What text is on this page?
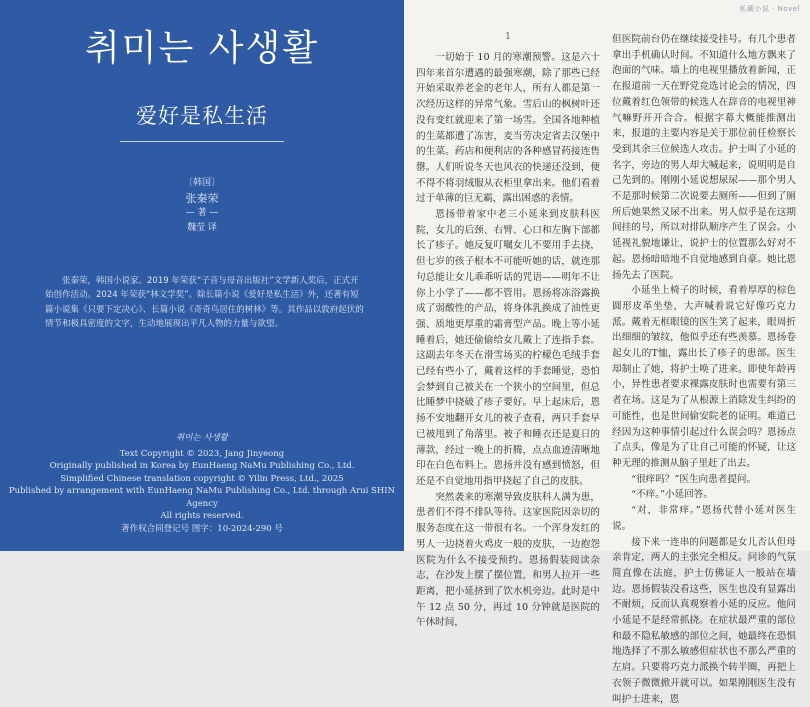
취미는 사생활
爱好是私生活
〔韩国〕
张秦荣
— 著 —
魏莹 译

张秦荣，韩国小说家。2019 年荣获“子音与母音出版社”文学新人奖后，正式开始创作活动。2024 年荣获“林文学奖”。除长篇小说《爱好是私生活》外，还著有短篇小说集《只要下定决心》、长篇小说《奇奇鸟居住的树林》等。其作品以敦府起伏的情节和极具密度的文字，生动地展现出平凡人物的力量与欲望。

취미는 사생활
Text Copyright © 2023, Jang Jinyeong
Originally published in Korea by EunHaeng NaMu Publishing Co., Ltd.
Simplified Chinese translation copyright © Yilin Press, Ltd., 2025
Published by arrangement with EunHaeng NaMu Publishing Co., Ltd. through Arui SHIN Agency
All rights reserved.
著作权合同登记号 图字：10-2024-290 号
私藏小说 · Novel
1

一切始于 10 月的寒潮预警。这是六十四年来首尔遭遇的最强寒潮，除了那些已经开始采取养老金的老年人，所有人都是第一次经历这样的异常气象。雪后山的枫树叶还没有变红就迎来了第一场雪。全国各地种植的生菜都遭了冻害，麦当劳决定省去汉堡中的生菜。药店和便利店的各种感冒药接连售罄。人们听说冬天也风衣的快递还没到，便不得不将羽绒服从衣柜里拿出来。他们看着过于单薄的巨无霸，露出困惑的表情。

恩扬带着家中老三小延来到皮肤科医院，女儿的后颈、右臂、心口和左胸下部都长了疹子。她反复叮嘱女儿不要用手去挠，但七岁的孩子根本不可能听她的话，就连那句总能让女儿乖乖听话的咒语——明年不让你上小学了——都不管用。恩扬将冻浴露换成了弱酸性的产品，将身体乳换成了油性更强、质地更厚重的霜膏型产品。晚上等小延睡着后，她还偷偷给女儿戴上了连指手套。这副去年冬天在滑雪场买的柠檬色毛绒手套已经有些小了，戴着这样的手套睡觉，恐怕会梦到自己被关在一个狭小的空间里，但总比睡梦中挠破了疹子要好。早上起床后，恩扬不安地翻开女儿的被子查看，两只手套早已被甩到了角落里。被子和睡衣还是夏日的薄款，经过一晚上的折腾，点点血迹清晰地印在白色布料上。恩扬并没有感到愤怒，但还是不自觉地用指甲挠起了自己的皮肤。

突然袭来的寒潮导致皮肤科人满为患，患者们不得不排队等待。这家医院因亲切的服务态度在这一带很有名。一个浑身发红的男人一边挠着火鸡皮一般的皮肤，一边抱怨医院为什么不接受预约。恩扬假装阅读杂志，在沙发上摆了摆位置，和男人拉开一些距离，把小延挤到了饮水机旁边。此时是中午 12 点 50 分，再过 10 分钟就是医院的午休时间，

但医院前台仍在继续接受挂号。有几个患者拿出手机确认时间。不知道什么地方飘来了泡面的气味。墙上的电视里播放着新闻，正在报道前一天在野党竞选讨论会的情况，四位戴着红色领带的候选人在辞音的电视里神气嘛野开开合合。根据字幕大概能推测出来，报道的主要内容是关于那位前任检察长受到其余三位候选人攻击。护士叫了小延的名字，旁边的男人却大喊起来，说明明是自己先到的。刚刚小延说想尿尿——那个男人不是那时候第二次说要去厕所——但到了厕所后她果然又尿不出来。男人似乎是在这期间挂的号，所以对排队顺序产生了误会。小延视礼貌地谦让，说护士的位置那么好对不起。恩扬暗暗地不自觉地感到自豪。她比恩扬先去了医院。

小延坐上椅子的时候，看着厚厚的棕色圆形皮革坐垫，大声喊着说它好像巧克力派。戴着无框眼镜的医生笑了起来，眼周折出细细的皱纹，他似乎还有些羡慕。恩扬卷起女儿的T恤，露出长了疹子的患部。医生却制止了她，将护士唤了进来。即使年龄再小，异性患者要求裸露皮肤时也需要有第三者在场。这是为了从根源上消除发生纠纷的可能性，也是世间偷安院老的证明。难道已经因为这种事情引起过什么误会吗？恩扬点了点头，像是为了让自己可能的怀疑，让这种无理的推测从脑子里赶了出去。

“很痒吗？”医生向患者提问。

“不痒。”小延回答。

“对，非常痒。”恩扬代替小延对医生说。

接下来一连串的问题都是女儿否认但母亲肯定，两人的主张完全相反。问诊的气氛简直像在法庭，护士仿佛证人一般站在墙边。恩扬假装没看这些，医生也没有显露出不耐烦，反而认真观察着小延的反应。他问小延是不是经常抓挠。在症状最严重的部位和最不隐私敏感的部位之间，她最终在恐惧地选择了不那么敏感但症状也不那么严重的左肩。只要将巧克力派换个转半圈，再把上衣领子微微掀开就可以。如果刚刚医生没有叫护士进来，恩
